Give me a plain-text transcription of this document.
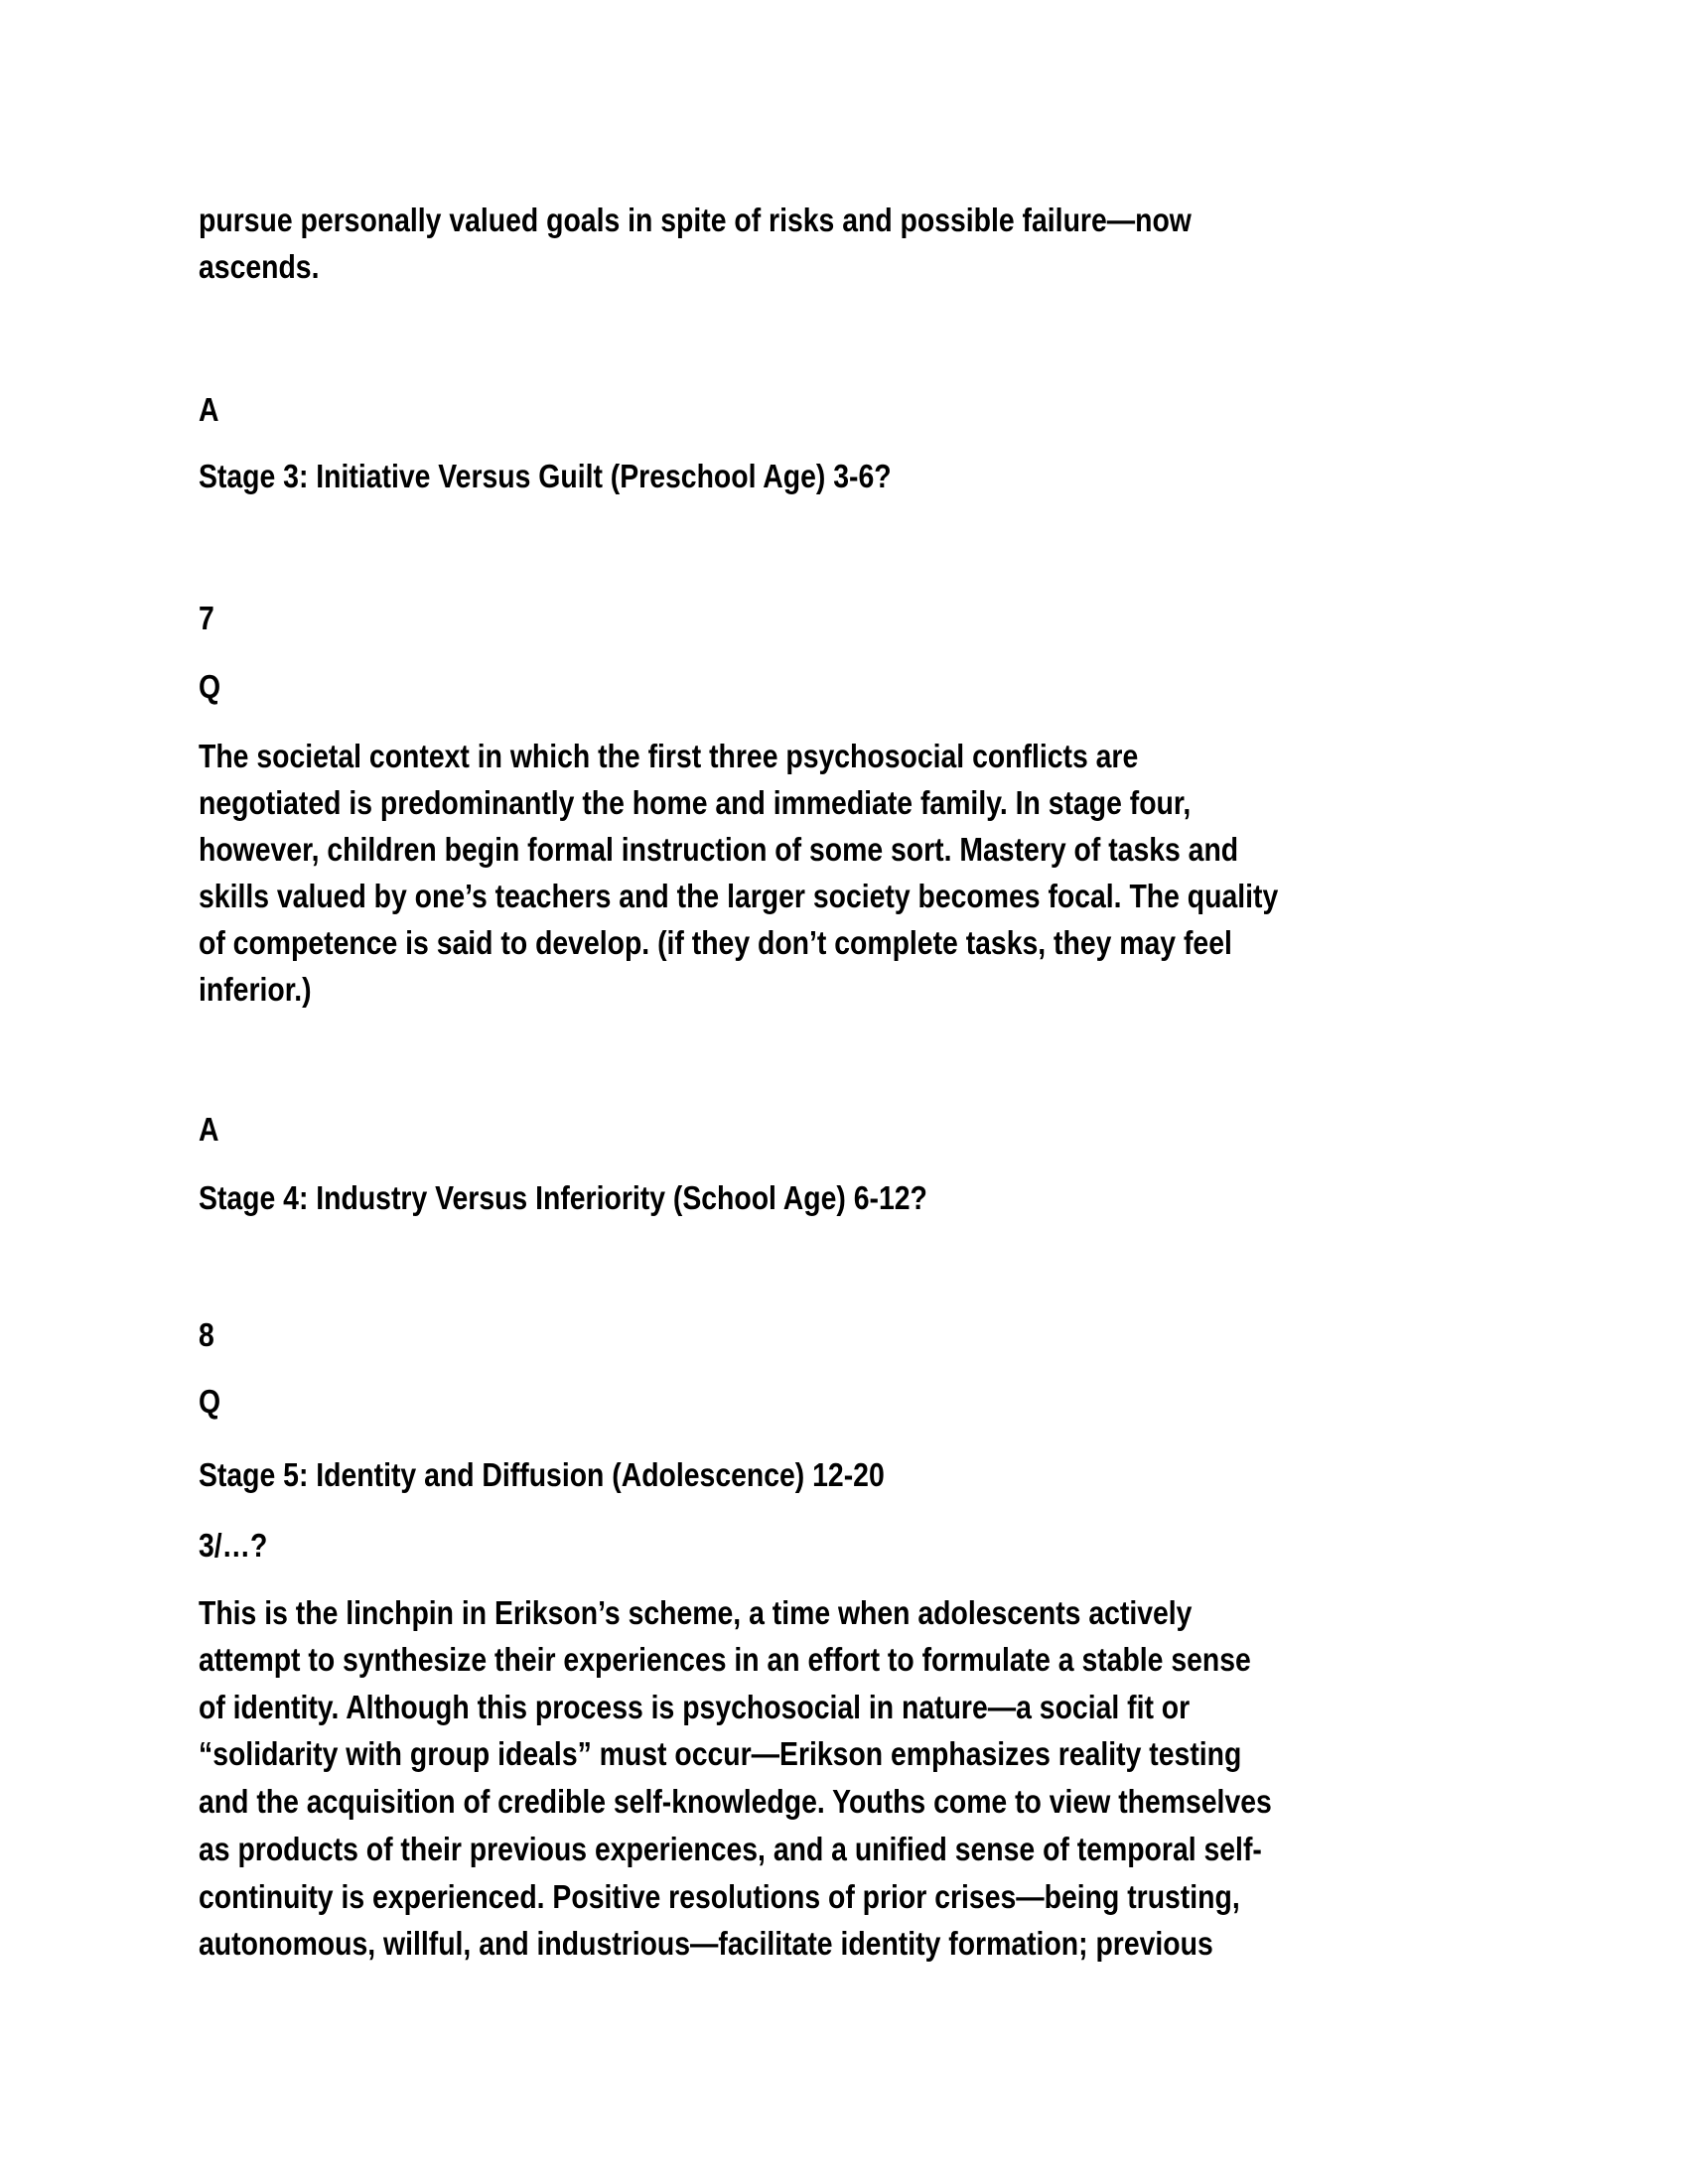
pursue personally valued goals in spite of risks and possible failure—now
ascends.
A
Stage 3: Initiative Versus Guilt (Preschool Age) 3-6?
7
Q
The societal context in which the first three psychosocial conflicts are
negotiated is predominantly the home and immediate family. In stage four,
however, children begin formal instruction of some sort. Mastery of tasks and
skills valued by one’s teachers and the larger society becomes focal. The quality
of competence is said to develop. (if they don’t complete tasks, they may feel
inferior.)
A
Stage 4: Industry Versus Inferiority (School Age) 6-12?
8
Q
Stage 5: Identity and Diffusion (Adolescence) 12-20
3/…?
This is the linchpin in Erikson’s scheme, a time when adolescents actively
attempt to synthesize their experiences in an effort to formulate a stable sense
of identity. Although this process is psychosocial in nature—a social fit or
“solidarity with group ideals” must occur—Erikson emphasizes reality testing
and the acquisition of credible self-knowledge. Youths come to view themselves
as products of their previous experiences, and a unified sense of temporal self-
continuity is experienced. Positive resolutions of prior crises—being trusting,
autonomous, willful, and industrious—facilitate identity formation; previous
